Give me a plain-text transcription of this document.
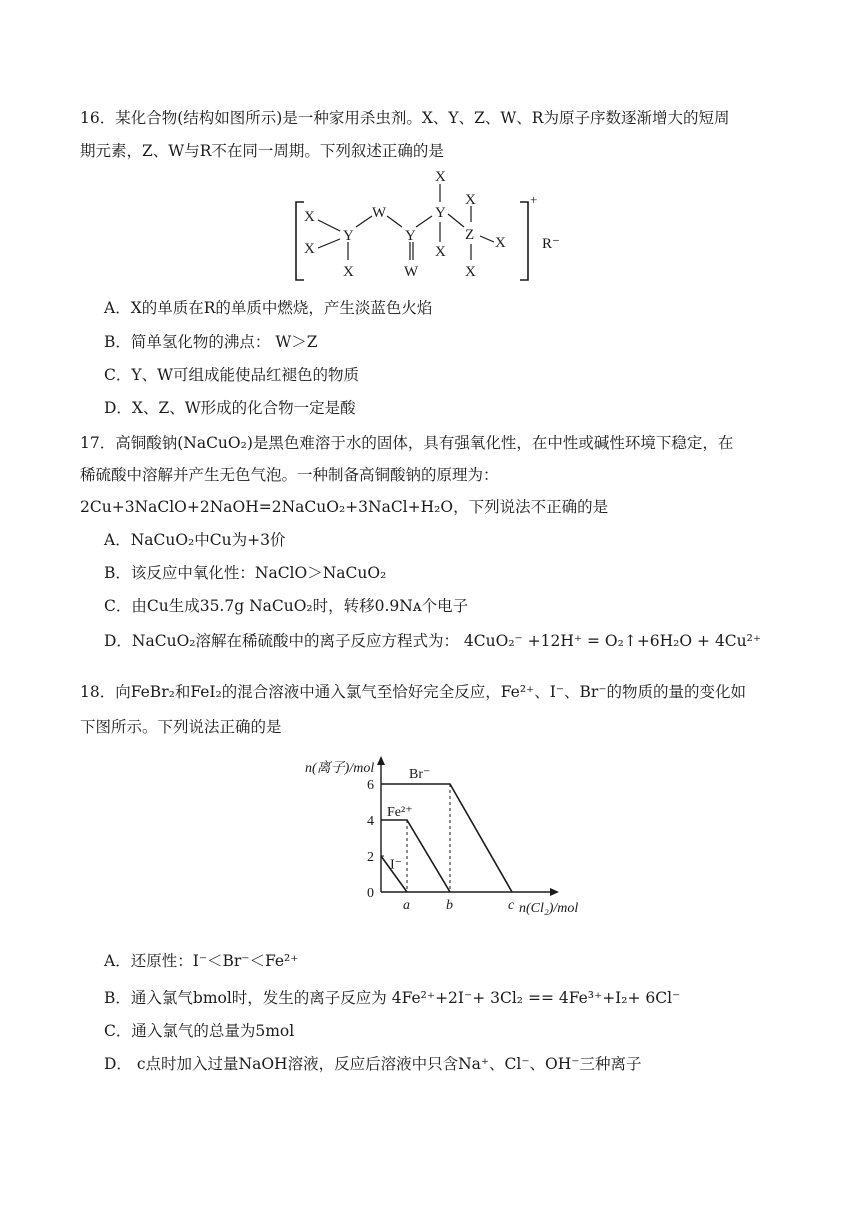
16．某化合物(结构如图所示)是一种家用杀虫剂。X、Y、Z、W、R为原子序数逐渐增大的短周
期元素，Z、W与R不在同一周期。下列叙述正确的是
X
X
Y
X
W
Y
W
X
Y
X
X
Z X
X
+
R⁻
A．X的单质在R的单质中燃烧，产生淡蓝色火焰
B．简单氢化物的沸点： W＞Z
C．Y、W可组成能使品红褪色的物质
D．X、Z、W形成的化合物一定是酸
17．高铜酸钠(NaCuO₂)是黑色难溶于水的固体，具有强氧化性，在中性或碱性环境下稳定，在
稀硫酸中溶解并产生无色气泡。一种制备高铜酸钠的原理为：
2Cu+3NaClO+2NaOH=2NaCuO₂+3NaCl+H₂O，下列说法不正确的是
A．NaCuO₂中Cu为+3价
B．该反应中氧化性：NaClO＞NaCuO₂
C．由Cu生成35.7g NaCuO₂时，转移0.9Nᴀ个电子
D．NaCuO₂溶解在稀硫酸中的离子反应方程式为： 4CuO₂⁻ +12H⁺ = O₂↑+6H₂O + 4Cu²⁺
18．向FeBr₂和FeI₂的混合溶液中通入氯气至恰好完全反应，Fe²⁺、I⁻、Br⁻的物质的量的变化如
下图所示。下列说法正确的是
n(离子)/mol
n(Cl₂)/mol
0
2
4
6
a	b	c
Br⁻
Fe²⁺
I⁻
A．还原性：I⁻＜Br⁻＜Fe²⁺
B．通入氯气bmol时，发生的离子反应为 4Fe²⁺+2I⁻+ 3Cl₂ == 4Fe³⁺+I₂+ 6Cl⁻
C．通入氯气的总量为5mol
D． c点时加入过量NaOH溶液，反应后溶液中只含Na⁺、Cl⁻、OH⁻三种离子
